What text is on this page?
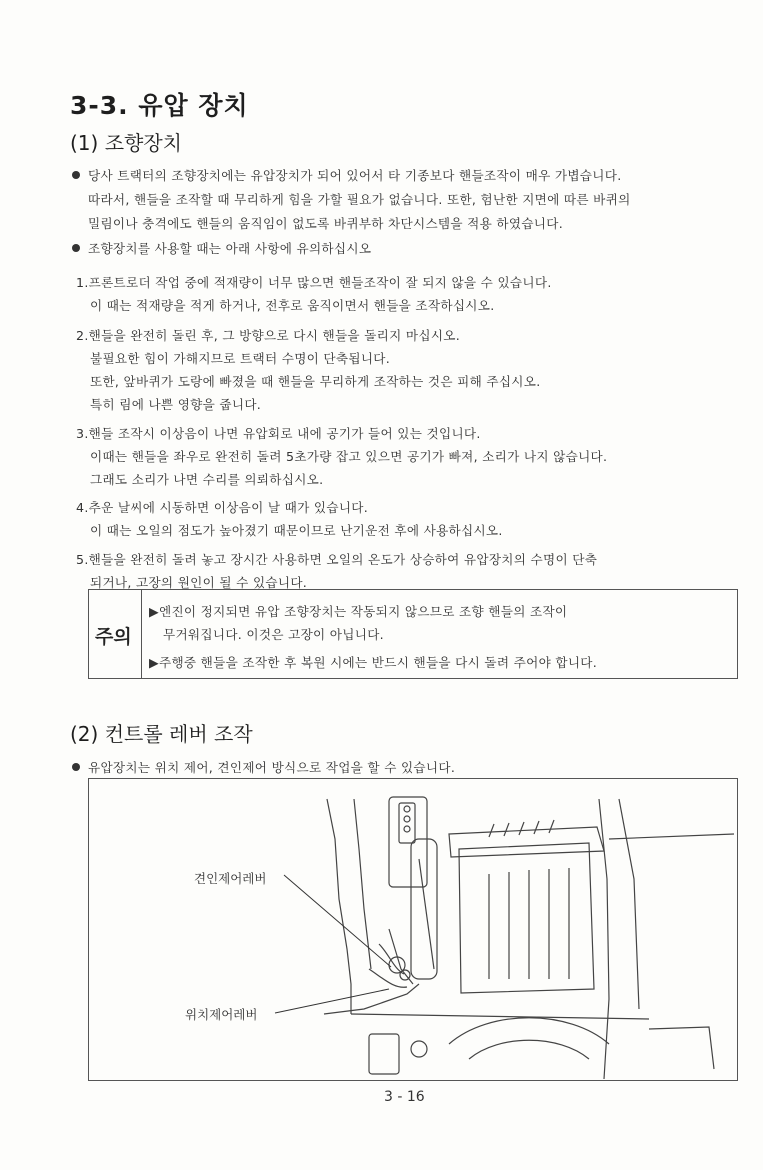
3-3. 유압 장치
(1) 조향장치
당사 트랙터의 조향장치에는 유압장치가 되어 있어서 타 기종보다 핸들조작이 매우 가볍습니다.
따라서, 핸들을 조작할 때 무리하게 힘을 가할 필요가 없습니다. 또한, 험난한 지면에 따른 바퀴의
밀림이나 충격에도 핸들의 움직임이 없도록 바퀴부하 차단시스템을 적용 하였습니다.
조향장치를 사용할 때는 아래 사항에 유의하십시오
1.프론트로더 작업 중에 적재량이 너무 많으면 핸들조작이 잘 되지 않을 수 있습니다.
이 때는 적재량을 적게 하거나, 전후로 움직이면서 핸들을 조작하십시오.
2.핸들을 완전히 돌린 후, 그 방향으로 다시 핸들을 돌리지 마십시오.
불필요한 힘이 가해지므로 트랙터 수명이 단축됩니다.
또한, 앞바퀴가 도랑에 빠졌을 때 핸들을 무리하게 조작하는 것은 피해 주십시오.
특히 림에 나쁜 영향을 줍니다.
3.핸들 조작시 이상음이 나면 유압회로 내에 공기가 들어 있는 것입니다.
이때는 핸들을 좌우로 완전히 돌려 5초가량 잡고 있으면 공기가 빠져, 소리가 나지 않습니다.
그래도 소리가 나면 수리를 의뢰하십시오.
4.추운 날씨에 시동하면 이상음이 날 때가 있습니다.
이 때는 오일의 점도가 높아졌기 때문이므로 난기운전 후에 사용하십시오.
5.핸들을 완전히 돌려 놓고 장시간 사용하면 오일의 온도가 상승하여 유압장치의 수명이 단축
되거나, 고장의 원인이 될 수 있습니다.
주의
▶엔진이 정지되면 유압 조향장치는 작동되지 않으므로 조향 핸들의 조작이
무거워집니다. 이것은 고장이 아닙니다.
▶주행중 핸들을 조작한 후 복원 시에는 반드시 핸들을 다시 돌려 주어야 합니다.
(2) 컨트롤 레버 조작
유압장치는 위치 제어, 견인제어 방식으로 작업을 할 수 있습니다.
견인제어레버
위치제어레버
3 - 16
